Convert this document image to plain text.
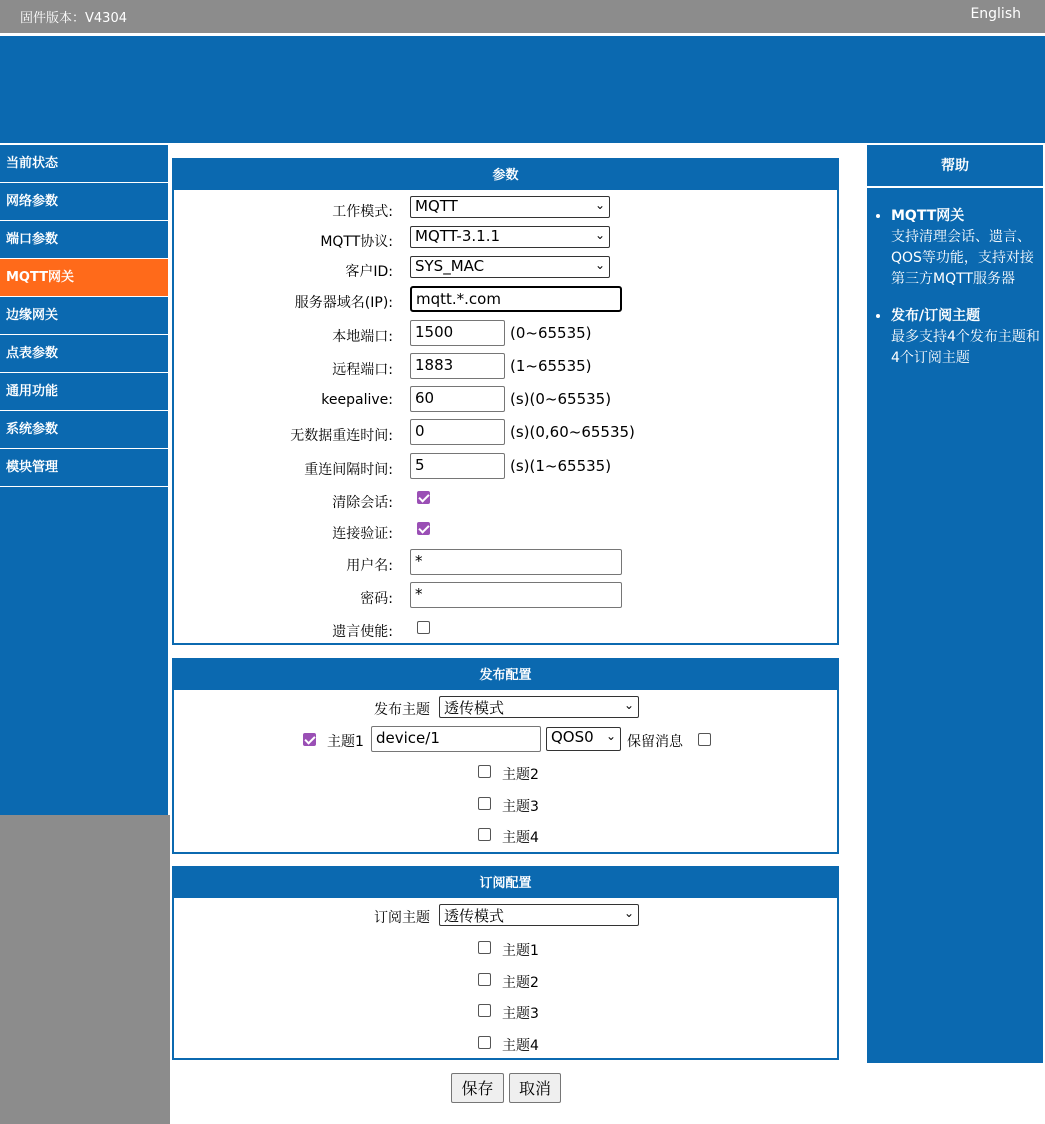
固件版本：V4304	English
当前状态
网络参数
端口参数
MQTT网关
边缘网关
点表参数
通用功能
系统参数
模块管理
参数
工作模式:	MQTT	⌄
MQTT协议:	MQTT-3.1.1	⌄
客户ID:	SYS_MAC	⌄
服务器域名(IP):	mqtt.*.com
本地端口:	1500	(0~65535)
远程端口:	1883	(1~65535)
keepalive:	60	(s)(0~65535)
无数据重连时间:	0	(s)(0,60~65535)
重连间隔时间:	5	(s)(1~65535)
清除会话:
连接验证:
用户名:	*
密码:	*
遗言使能:
发布配置
发布主题 透传模式	⌄
主题1 device/1	QOS0 ⌄ 保留消息
主题2
主题3
主题4
订阅配置
订阅主题 透传模式	⌄
主题1
主题2
主题3
主题4
保存	取消
帮助
• MQTT网关
支持清理会话、遗言、QOS等功能，支持对接第三方MQTT服务器
• 发布/订阅主题
最多支持4个发布主题和4个订阅主题
